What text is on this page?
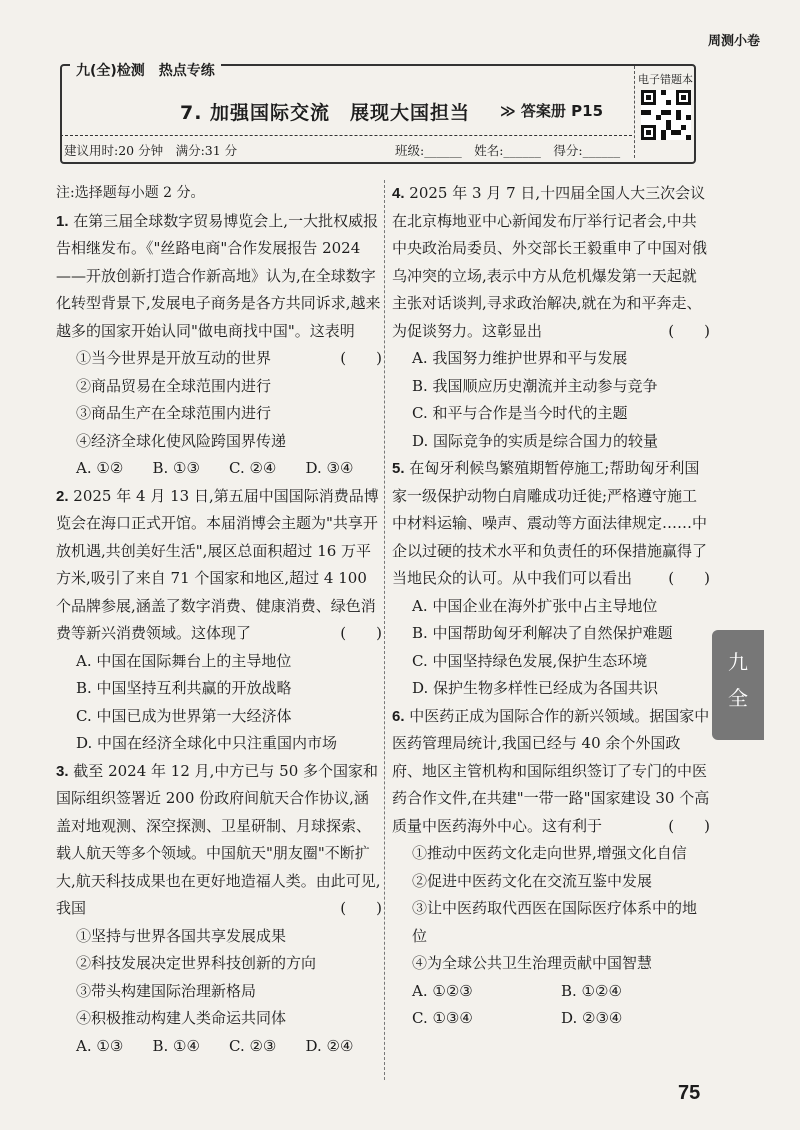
周测小卷
九(全)检测　热点专练
7. 加强国际交流　展现大国担当 ≫ 答案册 P15
建议用时:20 分钟　满分:31 分	班级:______　姓名:______　得分:______
电子错题本
注:选择题每小题 2 分。

1. 在第三届全球数字贸易博览会上,一大批权威报告相继发布。《"丝路电商"合作发展报告 2024——开放创新打造合作新高地》认为,在全球数字化转型背景下,发展电子商务是各方共同诉求,越来越多的国家开始认同"做电商找中国"。这表明
(　　)

①当今世界是开放互动的世界
②商品贸易在全球范围内进行
③商品生产在全球范围内进行
④经济全球化使风险跨国界传递
A. ①②	B. ①③	C. ②④	D. ③④

2. 2025 年 4 月 13 日,第五届中国国际消费品博览会在海口正式开馆。本届消博会主题为"共享开放机遇,共创美好生活",展区总面积超过 16 万平方米,吸引了来自 71 个国家和地区,超过 4 100 个品牌参展,涵盖了数字消费、健康消费、绿色消费等新兴消费领域。这体现了	(　　)

A. 中国在国际舞台上的主导地位
B. 中国坚持互利共赢的开放战略
C. 中国已成为世界第一大经济体
D. 中国在经济全球化中只注重国内市场

3. 截至 2024 年 12 月,中方已与 50 多个国家和国际组织签署近 200 份政府间航天合作协议,涵盖对地观测、深空探测、卫星研制、月球探索、载人航天等多个领域。中国航天"朋友圈"不断扩大,航天科技成果也在更好地造福人类。由此可见,我国	(　　)

①坚持与世界各国共享发展成果
②科技发展决定世界科技创新的方向
③带头构建国际治理新格局
④积极推动构建人类命运共同体
A. ①③	B. ①④	C. ②③	D. ②④

4. 2025 年 3 月 7 日,十四届全国人大三次会议在北京梅地亚中心新闻发布厅举行记者会,中共中央政治局委员、外交部长王毅重申了中国对俄乌冲突的立场,表示中方从危机爆发第一天起就主张对话谈判,寻求政治解决,就在为和平奔走、为促谈努力。这彰显出	(　　)

A. 我国努力维护世界和平与发展
B. 我国顺应历史潮流并主动参与竞争
C. 和平与合作是当今时代的主题
D. 国际竞争的实质是综合国力的较量

5. 在匈牙利候鸟繁殖期暂停施工;帮助匈牙利国家一级保护动物白肩雕成功迁徙;严格遵守施工中材料运输、噪声、震动等方面法律规定……中企以过硬的技术水平和负责任的环保措施赢得了当地民众的认可。从中我们可以看出 (　　)

A. 中国企业在海外扩张中占主导地位
B. 中国帮助匈牙利解决了自然保护难题
C. 中国坚持绿色发展,保护生态环境
D. 保护生物多样性已经成为各国共识

6. 中医药正成为国际合作的新兴领域。据国家中医药管理局统计,我国已经与 40 余个外国政府、地区主管机构和国际组织签订了专门的中医药合作文件,在共建"一带一路"国家建设 30 个高质量中医药海外中心。这有利于	(　　)

①推动中医药文化走向世界,增强文化自信
②促进中医药文化在交流互鉴中发展
③让中医药取代西医在国际医疗体系中的地位
④为全球公共卫生治理贡献中国智慧
A. ①②③	B. ①②④
C. ①③④	D. ②③④
九
全
75
